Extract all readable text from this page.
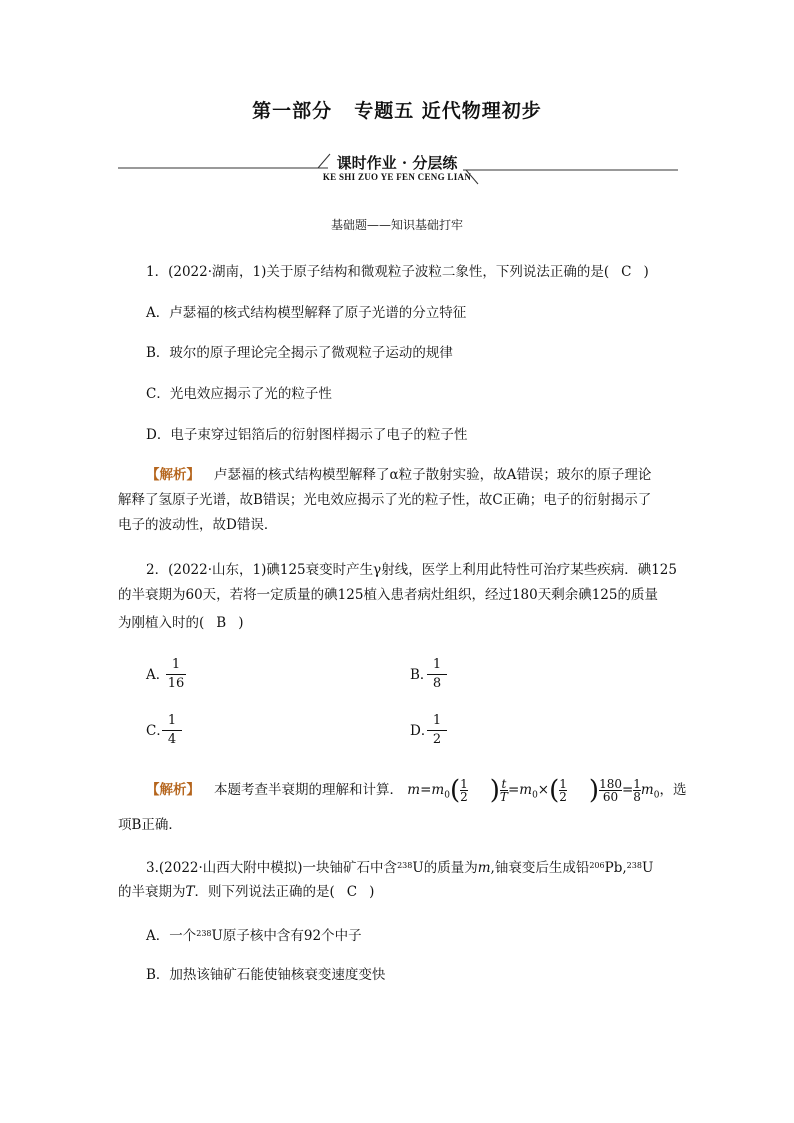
第一部分 专题五 近代物理初步
课时作业 · 分层练
KE SHI ZUO YE FEN CENG LIAN
基础题——知识基础打牢
1．(2022·湖南，1)关于原子结构和微观粒子波粒二象性，下列说法正确的是( C )
A．卢瑟福的核式结构模型解释了原子光谱的分立特征
B．玻尔的原子理论完全揭示了微观粒子运动的规律
C．光电效应揭示了光的粒子性
D．电子束穿过铝箔后的衍射图样揭示了电子的粒子性
【解析】 卢瑟福的核式结构模型解释了α粒子散射实验，故A错误；玻尔的原子理论
解释了氢原子光谱，故B错误；光电效应揭示了光的粒子性，故C正确；电子的衍射揭示了
电子的波动性，故D错误．
2．(2022·山东，1)碘125衰变时产生γ射线，医学上利用此特性可治疗某些疾病．碘125
的半衰期为60天，若将一定质量的碘125植入患者病灶组织，经过180天剩余碘125的质量
为刚植入时的( B )
A．
1
16
B．
1
8
C．
1
4
D．
1
2
【解析】 本题考查半衰期的理解和计算． $m=m_0( \frac{1}{2}$ ) $\frac{t}{T} =m_0\times( \frac{1}{2}$ ) $\frac{180}{60} = \frac{1}{8} m_0$，选
项B正确．
3.(2022·山西大附中模拟)一块铀矿石中含$^{238}$U的质量为m,铀衰变后生成铅$^{206}$Pb,$^{238}$U
的半衰期为T．则下列说法正确的是( C )
A．一个$^{238}$U原子核中含有92个中子
B．加热该铀矿石能使铀核衰变速度变快
